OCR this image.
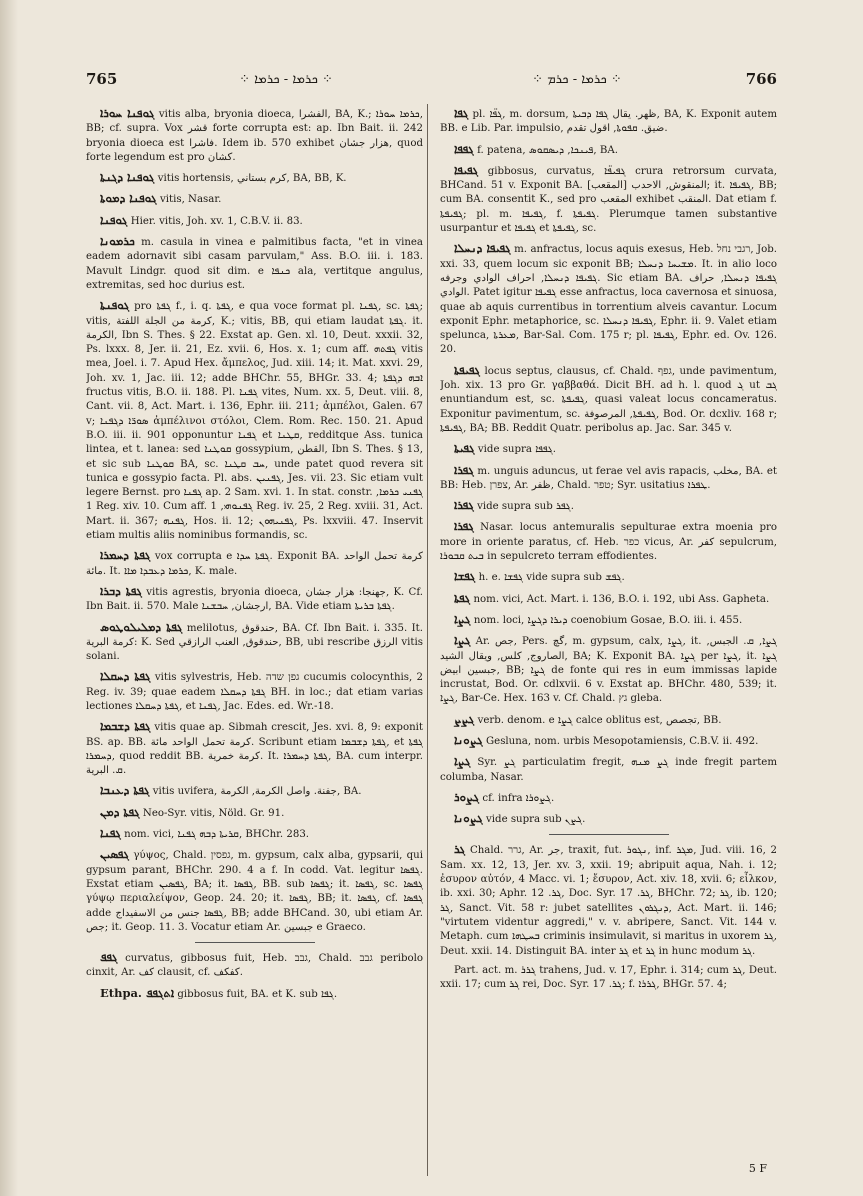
765	⁘ ܟܪܡܐ - ܟܪܡܐ ⁘	⁘ ܟܪܡܐ - ܟܪܡ ⁘	766

ܓܘܦܢܐ ܚܘܪܐ vitis alba, bryonia dioeca, الفشرا, BA, K.; ܟܪܡܐ ܚܘܪܐ, BB; cf. supra. Vox قشر forte corrupta est: ap. Ibn Bait. ii. 242 bryonia dioeca est فاشرا. Idem ib. 570 exhibet هزار جشان, quod forte legendum est pro كشان.

ܓܘܦܢܐ ܕܓܢܬܐ vitis hortensis, كرم بستاني, BA, BB, K.

ܓܘܦܢܐ ܕܡܘܬܐ vitis, Nasar.

ܓܘܦܢܐ Hier. vitis, Joh. xv. 1, C.B.V. ii. 83.

ܟܪܡܘܢܐ m. casula in vinea e palmitibus facta, "et in vinea eadem adornavit sibi casam parvulam," Ass. B.O. iii. i. 183. Mavult Lindgr. quod sit dim. e ܟܢܦܐ ala, vertitque angulus, extremitas, sed hoc durius est.

ܓܘܦܢܬܐ pro ܓܦܬܐ f., i. q. ܓܦܬܐ, e qua voce format pl. ܓܦܢܐ, sc. ܓܦܬܐ; vitis, كرمة من الجلة اللفتة, K.; vitis, BB, qui etiam laudat ܓܦܬܐ. it. الكرمة, Ibn S. Thes. § 22. Exstat ap. Gen. xl. 10, Deut. xxxii. 32, Ps. lxxx. 8, Jer. ii. 21, Ez. xvii. 6, Hos. x. 1; cum aff. ܓܦܬܗ vitis mea, Joel. i. 7. Apud Hex. ἄμπελος, Jud. xiii. 14; it. Mat. xxvi. 29, Joh. xv. 1, Jac. iii. 12; adde BHChr. 55, BHGr. 33. 4; ܐܒܗ ܕܓܦܬܐ fructus vitis, B.O. ii. 188. Pl. ܓܦܢܐ vites, Num. xx. 5, Deut. viii. 8, Cant. vii. 8, Act. Mart. i. 136, Ephr. iii. 211; ἀμπέλοι, Galen. 67 v; ܣܘܪ̈ܐ ܕܓܦܢܐ ἀμπέλινοι στόλοι, Clem. Rom. Rec. 150. 21. Apud B.O. iii. ii. 901 opponuntur ܓܦܢܐ et ܩܛܢܐ, redditque Ass. tunica lintea, et t. lanea: sed ܩܘܛܢܐ gossypium, القطن, Ibn S. Thes. § 13, et sic sub ܩܘܛܢܐ BA, sc. ܚܒ ܩܛܢܐ, unde patet quod revera sit tunica e gossypio facta. Pl. abs. ܓܦܢܝܢ, Jes. vii. 23. Sic etiam vult legere Bernst. pro ܓܦܢܐ ap. 2 Sam. xvi. 1. In stat. constr. ܓܦܢܝ ܟܪܡܐ, 1 Reg. xiv. 10. Cum aff. ܓܦܢܘܗܝ, 1 Reg. iv. 25, 2 Reg. xviii. 31, Act. Mart. ii. 367; ܓܦܢܗ, Hos. ii. 12; ܓܦܢܝܗܘܢ, Ps. lxxviii. 47. Inservit etiam multis aliis nominibus formandis, sc.

ܓܦܬܐ ܕܚܡܪܐ vox corrupta e ܓܦܬܐ ܚܕܐ. Exponit BA. كرمة تحمل الواحد مائة. It. ܟܪܡܐ ܕܥܒܕܐ ܡܐܐ, K. male.

ܓܦܬܐ ܕܒܪܐ vitis agrestis, bryonia dioeca, جهنجا: هزار جشان, K. Cf. Ibn Bait. ii. 570. Male ارجشان, ܚܒܫܢܐ, BA. Vide etiam ܓܦܬܐ ܒܪܝܬܐ.

ܓܦܬܐ ܕܡܠܝܠܘܛܘܣ melilotus, حندقوق, BA. Cf. Ibn Bait. i. 335. It. كرمة البرية: K. Sed حندقوق, العنب الرازقي, BB, ubi rescribe الرزق vitis solani.

ܓܦܬܐ ܕܚܩܠܐ vitis sylvestris, Heb. גפן שדה cucumis colocynthis, 2 Reg. iv. 39; quae eadem ܓܦܬܐ ܕܚܩܠܐ BH. in loc.; dat etiam varias lectiones ܓܦܬܐ ܕܚܩܠܐ, et ܓܦܢܐ, Jac. Edes. ed. Wr.-18.

ܓܦܬܐ ܕܫܒܡܐ vitis quae ap. Sibmah crescit, Jes. xvi. 8, 9: exponit BS. ap. BB. كرمة تحمل الواحد مائة. Scribunt etiam ܓܦܬܐ ܕܫܒܡܐ, et ܓܦܬܐ ܕܚܡܪܐ, quod reddit BB. كرمة خمرية. It. ܓܦܬܐ ܕܚܡܪܐ, BA. cum interpr. ܩ. البرية.

ܓܦܬܐ ܕܥܢܒܐ vitis uvifera, جفنة. واصل الكرمة, الكرمة, BA.

ܓܦܬܐ ܕܡܢ Neo-Syr. vitis, Nöld. Gr. 91.

ܓܦܢܐ nom. vici, ܩܪܝܬܐ ܕܒܗ ܓܦܢܐ, BHChr. 283.

ܓܦܣܝܢ γύψος, Chald. גפסין, m. gypsum, calx alba, gypsarii, qui gypsum parant, BHChr. 290. 4 a f. In codd. Vat. legitur ܓܦܣܐ. Exstat etiam ܓܦܣܝܢ, BA; it. ܓܦܣܐ, BB. sub ܓܦܣܐ; it. ܓܦܣܐ, sc. ܓܦܣܐ γύψῳ περιαλείψον, Geop. 24. 20; it. ܓܦܣܐ, BB; it. ܓܦܣܐ, cf. ܓܦܣܐ adde ܓܦܣܐ جنس من الاسفيداج, BB; adde BHCand. 30, ubi etiam Ar. جص; it. Geop. 11. 3. Vocatur etiam Ar. جبسين e Graeco.

ܓܦܦ curvatus, gibbosus fuit, Heb. גבב, Chald. גבב peribolo cinxit, Ar. كف clausit, cf. كفكف.

Ethpa. ܐܬܓܦܦ gibbosus fuit, BA. et K. sub ܓܦܐ.

ܓܦܐ pl. ܓܦ̈ܐ, m. dorsum, ظهر. يقال ܓܦܐ ܕܒܝܬܐ, BA, K. Exponit autem BB. e Lib. Par. impulsio, ضيق. ܩܦܘܬܐ, اقول تقدم.

ܓܦܦܐ f. patena, ܦܝܢܟܐ, ܕܝܣܩܘܣ, BA.

ܓܦܝܦܐ gibbosus, curvatus, ܓܦܝܦ̈ܐ crura retrorsum curvata, BHCand. 51 v. Exponit BA. المنقوش, الاحدب [المقعب]; it. ܓܦܝܦܐ, BB; cum BA. consentit K., sed pro المقعب exhibet المنقب. Dat etiam f. ܓܦܝܦܬܐ; pl. m. ܓܦܝܦܐ, f. ܓܦܝܦܬܐ. Plerumque tamen substantive usurpantur et ܓܦܝܦܐ et ܓܦܝܦܬܐ, sc.

ܓܦܝܦܐ ܕܢܚܠܐ m. anfractus, locus aquis exesus, Heb. רגבי נחל, Job. xxi. 33, quem locum sic exponit BB; ܡܫܝܚܐ ܕܢܚܠܐ. It. in alio loco ܓܦܝܦܐ ܕܢܚܠܐ, احراف الوادي وجرفه. Sic etiam BA. ܓܦܝܦܐ ܕܢܚܠܐ, حراف الوادي. Patet igitur ܓܦܝܦܐ esse anfractus, loca cavernosa et sinuosa, quae ab aquis currentibus in torrentium alveis cavantur. Locum exponit Ephr. metaphorice, sc. ܓܦܝܦܐ ܕܢܚܠܐ, Ephr. ii. 9. Valet etiam spelunca, ܡܥܪܬܐ, Bar-Sal. Com. 175 r; pl. ܓܦܝܦܐ, Ephr. ed. Ov. 126. 20.

ܓܦܝܦܬܐ locus septus, clausus, cf. Chald. גפף, unde pavimentum, Joh. xix. 13 pro Gr. γαββαθά. Dicit BH. ad h. l. quod ܓ ut ܓܒ enuntiandum est, sc. ܓܦܝܦܬܐ, quasi valeat locus concameratus. Exponitur pavimentum, sc. ܓܦܝܦܬܐ, المرصوفة, Bod. Or. dcxliv. 168 r; ܓܦܝܦܬܐ, BA; BB. Reddit Quatr. peribolus ap. Jac. Sar. 345 v.

ܓܦܝܬܐ vide supra ܓܦܦܐ.

ܓܦܪܐ m. unguis aduncus, ut ferae vel avis rapacis, مخلب, BA. et BB: Heb. צפרן, Ar. ظفر, Chald. טפר; Syr. usitatius ܛܦܪܐ.

ܓܦܪܐ vide supra sub ܓܦܪ.

ܓܦܪܐ Nasar. locus antemuralis sepulturae extra moenia pro more in oriente paratus, cf. Heb. כפר vicus, Ar. كفر sepulcrum, ܒܝܬ ܩܒܘܪܐ in sepulcreto terram effodientes.

ܓܦܫܐ h. e. ܓܦܫܐ vide supra sub ܓܦܫ.

ܓܦܬܐ nom. vici, Act. Mart. i. 136, B.O. i. 192, ubi Ass. Gapheta.

ܓܨܐ nom. loci, ܕܝܪܐ ܕܓܨܐ coenobium Gosae, B.O. iii. i. 455.

ܓܨܐ Ar. جص, Pers. گچ, m. gypsum, calx, ܓܨܐ, it. ܓܨܐ, ܩ. الجبس, الصاروج, كلس, ويقال الشيد, BA; K. Exponit BA. ܓܨܐ per ܓܨܐ, it. ܓܨܐ جبسين ابيض, BB; ܓܨܐ de fonte qui res in eum immissas lapide incrustat, Bod. Or. cdlxvii. 6 v. Exstat ap. BHChr. 480, 539; it. ܓܨܐ, Bar-Ce. Hex. 163 v. Cf. Chald. גץ gleba.

ܓܨܨ verb. denom. e ܓܨܐ calce oblitus est, تجصص, BB.

ܓܨܘܢܐ Gesluna, nom. urbis Mesopotamiensis, C.B.V. ii. 492.

ܓܨܐ Syr. ܓܨ particulatim fregit, ܓܨ ܡܢܗ inde fregit partem columba, Nasar.

ܓܨܘܪ cf. infra ܓܨܘܪܐ.

ܓܨܘܢܐ vide supra sub ܓܨܢ.

ܓܪ Chald. גרר, Ar. جر, traxit, fut. ܢܓܘܪ, inf. ܡܓܪ, Jud. viii. 16, 2 Sam. xx. 12, 13, Jer. xv. 3, xxii. 19; abripuit aqua, Nah. i. 12; ἐσυρον αὐτόν, 4 Macc. vi. 1; ἔσυρον, Act. xiv. 18, xvii. 6; εἷλκον, ib. xxi. 30; Aphr. ܓܪ. 12, Doc. Syr. ܓܪ. 17, BHChr. 72; ܓܪ, ib. 120; ܓܪ, Sanct. Vit. 58 r: jubet satellites ܕܢܓܪܘܢ, Act. Mart. ii. 146; "virtutem videntur aggredi," v. v. abripere, Sanct. Vit. 144 v. Metaph. cum ܒܚܛܗܐ criminis insimulavit, si maritus in uxorem ܓܪ, Deut. xxii. 14. Distinguit BA. inter ܓܪ et ܓܪ in hunc modum ܓܪ.

Part. act. m. ܓܪܪ trahens, Jud. v. 17, Ephr. i. 314; cum ܓܪ, Deut. xxii. 17; cum ܓܪ rei, Doc. Syr. ܓܪ. 17; f. ܓܪܪܐ, BHGr. 57. 4;

5 F
